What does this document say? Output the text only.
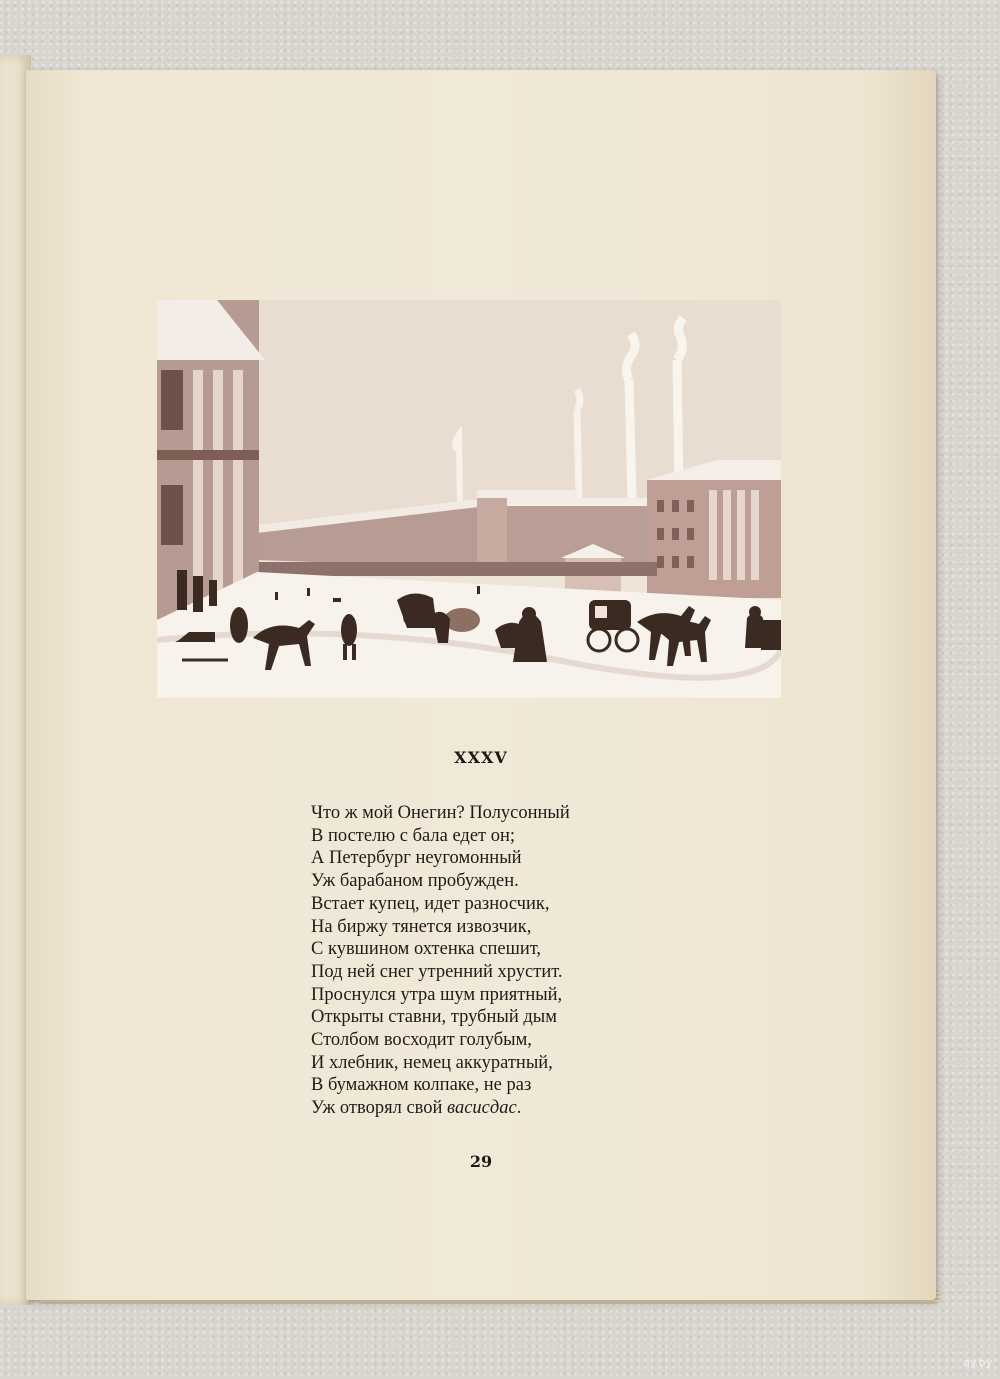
XXXV
Что ж мой Онегин? Полусонный
В постелю с бала едет он;
А Петербург неугомонный
Уж барабаном пробужден.
Встает купец, идет разносчик,
На биржу тянется извозчик,
С кувшином охтенка спешит,
Под ней снег утренний хрустит.
Проснулся утра шум приятный,
Открыты ставни, трубный дым
Столбом восходит голубым,
И хлебник, немец аккуратный,
В бумажном колпаке, не раз
Уж отворял свой васисдас.
29
ay.by
